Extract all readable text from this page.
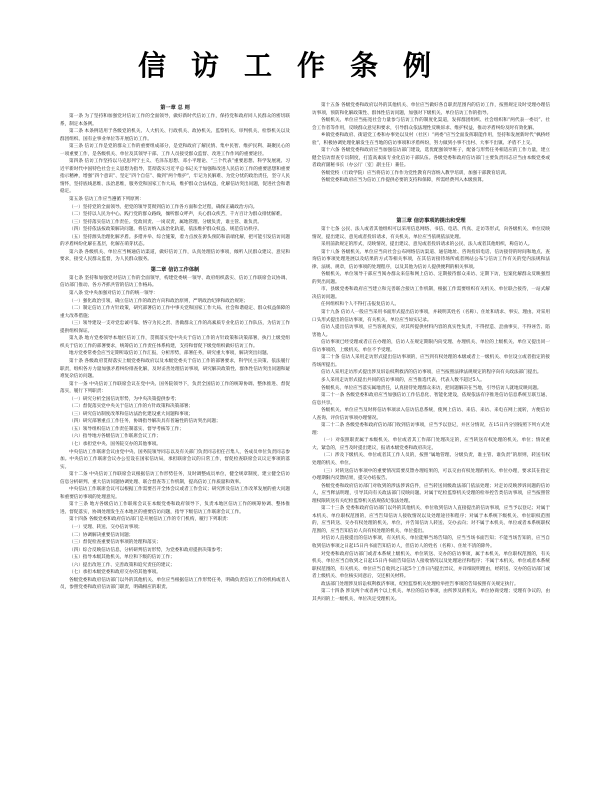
信访工作条例
第一章 总 则

第一条 为了坚持和加强党对信访工作的全面领导，做好新时代信访工作，保持党和政府同人民群众的密切联系，制定本条例。

第二条 本条例适用于各级党的机关、人大机关、行政机关、政协机关、监察机关、审判机关、检察机关以及群团组织、国有企事业单位等开展信访工作。

第三条 信访工作是党的群众工作的重要组成部分，是党和政府了解民情、集中民智、维护民利、凝聚民心的一项重要工作，是各级机关、单位及其领导干部、工作人员接受群众监督、改进工作作风的重要途径。

第四条 信访工作坚持以马克思列宁主义、毛泽东思想、邓小平理论、“三个代表”重要思想、科学发展观、习近平新时代中国特色社会主义思想为指导，贯彻落实习近平总书记关于加强和改进人民信访工作的重要思想和重要指示精神，增强“四个意识”、坚定“四个自信”、做到“两个维护”，牢记为民解难、为党分忧的政治责任，坚守人民情怀，坚持底线思维、法治思维，服务党和国家工作大局，维护群众合法权益，化解信访突出问题，促进社会和谐稳定。

第五条 信访工作应当遵循下列原则：

（一）坚持党的全面领导。把党的领导贯彻到信访工作各方面和全过程，确保正确政治方向。

（二）坚持以人民为中心。践行党的群众路线，倾听群众呼声，关心群众疾苦，千方百计为群众排忧解难。

（三）坚持落实信访工作责任。党政同责、一岗双责，属地管理、分级负责，谁主管、谁负责。

（四）坚持依法按政策解决问题。将信访纳入法治化轨道，依法维护群众权益、规范信访秩序。

（五）坚持源头治理化解矛盾。多措并举、综合施策，着力点放在源头预防和前端化解，把可能引发信访问题的矛盾纠纷化解在基层，化解在萌芽状态。

第六条 各级机关、单位应当畅通信访渠道，做好信访工作，认真处理信访事项，倾听人民群众建议、意见和要求，接受人民群众监督，为人民群众服务。

第二章 信访工作体制

第七条 坚持和加强党对信访工作的全面领导，构建党委统一领导、政府组织落实、信访工作联席会议协调、信访部门推动、各方齐抓共管的信访工作格局。

第八条 党中央加强对信访工作的统一领导：

（一）强化政治引领，确立信访工作的政治方向和政治原则，严明政治纪律和政治规矩；

（二）制定信访工作方针政策，研究部署信访工作中事关党和国家工作大局、社会和谐稳定、群众权益保障的重大改革措施；

（三）领导建设一支对党忠诚可靠、恪守为民之责、善做群众工作的高素质专业化信访工作队伍，为信访工作提供组织保证。

第九条 地方党委领导本地区信访工作，贯彻落实党中央关于信访工作的方针政策和决策部署，执行上级党组织关于信访工作的部署要求，统筹信访工作责任体系构建，支持和督促下级党组织做好信访工作。

地方党委常委会应当定期听取信访工作汇报，分析形势，部署任务，研究重大事项，解决突出问题。

第十条 各级政府贯彻落实上级党委和政府以及本级党委关于信访工作的部署要求，科学民主决策、依法履行职责，组织各方力量加强矛盾纠纷排查化解，及时妥善处理信访事项，研究解决政策性、群体性信访突出问题和疑难复杂信访问题。

第十一条 中央信访工作联席会议在党中央、国务院领导下，负责全国信访工作的统筹协调、整体推进、督促落实，履行下列职责：

（一）研究分析全国信访形势，为中央决策提供参考；

（二）督促落实党中央关于信访工作的方针政策和决策部署；

（三）研究信访制度改革和信访法治化建设重大问题和事项；

（四）研究部署重点工作任务，协调指导解决具有普遍性的信访突出问题；

（五）领导组织信访工作责任制落实、督导考核等工作；

（六）指导地方各级信访工作联席会议工作；

（七）承担党中央、国务院交办的其他事项。

中央信访工作联席会议由党中央、国务院领导同志以及有关部门负责同志担任召集人，各成员单位负责同志参加。中央信访工作联席会议办公室设在国家信访局，承担联席会议的日常工作，督促检查联席会议议定事项的落实。

第十二条 中央信访工作联席会议根据信访工作形势任务，及时调整成员单位，健全规章制度，建立健全信访信息分析研判、重大信访问题协调处理、联合督查等工作机制，提高信访工作质量和效率。

中央信访工作联席会议可以根据工作需要召开全体会议或者工作会议；研究涉及信访工作改革发展的重大问题和重要信访事项的处理意见。

第十三条 地方各级信访工作联席会议在本级党委和政府领导下，负责本地区信访工作的统筹协调、整体推进、督促落实，协调处理发生在本地区的重要信访问题，指导下级信访工作联席会议工作。

第十四条 各级党委和政府信访部门是开展信访工作的专门机构，履行下列职责：

（一）受理、转送、交办信访事项；

（二）协调解决重要信访问题；

（三）督促检查重要信访事项的处理和落实；

（四）综合反映信访信息，分析研判信访形势，为党委和政府提供决策参考；

（五）指导本级其他机关、单位和下级的信访工作；

（六）提出改进工作、完善政策和追究责任的建议；

（七）承担本级党委和政府交办的其他事项。

各级党委和政府信访部门以外的其他机关、单位应当根据信访工作形势任务，明确负责信访工作的机构或者人员，参照党委和政府信访部门职责，明确相应的职责。

第十五条 各级党委和政府以外的其他机关、单位应当做好各自职责范围内的信访工作，按照规定及时受理办理信访事项，预防和化解政策性、群体性信访问题，加强对下级机关、单位信访工作的指导。

各级机关、单位应当拓宽社会力量参与信访工作的制度化渠道，发挥群团组织、社会组织和“两代表一委员”、社会工作者等作用，反映群众意见和要求，引导群众依法理性反映诉求、维护权益，推动矛盾纠纷及时有效化解。

乡镇党委和政府、街道党工委和办事处以及村（社区）“两委”应当全面发挥职能作用，坚持和发展新时代“枫桥经验”，积极协调处理化解发生在当地的信访事项和矛盾纠纷，努力做到小事不出村、大事不出镇、矛盾不上交。

第十六条 各级党委和政府应当加强信访部门建设，选优配强领导班子，配备与形势任务相适应的工作力量，建立健全信访督查专员制度，打造高素质专业化信访干部队伍。各级党委和政府信访部门主要负责同志应当由本级党委或者政府副秘书长（办公厅〔室〕副主任）兼任。

各级党校（行政学院）应当将信访工作作为党性教育内容纳入教学培训，加强干部教育培训。

各级党委和政府应当为信访工作提供必要的支持和保障，所需经费列入本级预算。

第三章 信访事项的提出和受理

第十七条 公民、法人或者其他组织可以采用信息网络、书信、电话、传真、走访等形式，向各级机关、单位反映情况，提出建议、意见或者投诉请求，有关机关、单位应当依规依法处理。

采用前款规定的形式，反映情况，提出建议、意见或者投诉请求的公民、法人或者其他组织，称信访人。

第十八条 各级机关、单位应当向社会公布网络信访渠道、通信地址、咨询投诉电话、信访接待的时间和地点、查询信访事项处理进展以及结果的方式等相关事项，在其信访接待场所或者网站公布与信访工作有关的党内法规和法律、法规、规章，信访事项的处理程序，以及其他为信访人提供便利的相关事项。

各级机关、单位领导干部应当阅办群众来信和网上信访、定期接待群众来访、定期下访，包案化解群众反映强烈的突出问题。

市、县级党委和政府应当建立和完善联合接访工作机制，根据工作需要组织有关机关、单位联合接待，一站式解决信访问题。

任何组织和个人不得打击报复信访人。

第十九条 信访人一般应当采用书面形式提出信访事项，并载明其姓名（名称）、住址和请求、事实、理由。对采用口头形式提出的信访事项，有关机关、单位应当如实记录。

信访人提出信访事项，应当客观真实，对其所提供材料内容的真实性负责，不得捏造、歪曲事实，不得诬告、陷害他人。

信访事项已经受理或者正在办理的，信访人在规定期限内向受理、办理机关、单位的上级机关、单位又提出同一信访事项的，上级机关、单位不予受理。

第二十条 信访人采用走访形式提出信访事项的，应当到有权处理的本级或者上一级机关、单位设立或者指定的接待场所提出。

信访人采用走访形式提出涉及诉讼权利救济的信访事项，应当按照法律法规规定的程序向有关政法部门提出。

多人采用走访形式提出共同的信访事项的，应当推选代表，代表人数不超过5人。

各级机关、单位应当落实属地责任，认真接待处理群众来访，把问题解决在当地，引导信访人就地反映问题。

第二十一条 各级党委和政府应当加强信访工作信息化、智能化建设，依规依法有序推进信访信息系统互联互通、信息共享。

各级机关、单位应当及时将信访事项录入信访信息系统，使网上信访、来信、来访、来电在网上流转，方便信访人查询、评价信访事项办理情况。

第二十二条 各级党委和政府信访部门收到信访事项，应当予以登记，并区分情况，在15日内分别按照下列方式处理：

（一）对依照职责属于本级机关、单位或者其工作部门处理决定的，应当转送有权处理的机关、单位；情况重大、紧急的，应当及时提出建议，报请本级党委和政府决定。

（二）涉及下级机关、单位或者其工作人员的，按照“属地管理、分级负责，谁主管、谁负责”的原则，转送有权处理的机关、单位。

（三）对转送信访事项中的重要情况需要反馈办理结果的，可以交由有权处理的机关、单位办理，要求其在指定办理期限内反馈结果，提交办结报告。

各级党委和政府信访部门对收到的涉法涉诉信件，应当转送同级政法部门依法处理；对走访反映涉诉问题的信访人，应当释法明理，引导其向有关政法部门反映问题。对属于纪检监察机关受理的检举控告类信访事项，应当按照管理权限转送有关纪检监察机关依规依纪依法处理。

第二十三条 党委和政府信访部门以外的其他机关、单位收到信访人直接提出的信访事项，应当予以登记；对属于本机关、单位职权范围的，应当告知信访人接收情况以及处理途径和程序；对属于本系统下级机关、单位职权范围的，应当转送、交办有权处理的机关、单位，并告知信访人转送、交办去向；对不属于本机关、单位或者本系统职权范围的，应当告知信访人向有权处理的机关、单位提出。

对信访人直接提出的信访事项，有关机关、单位能够当场告知的，应当当场书面告知；不能当场告知的，应当自收到信访事项之日起15日内书面告知信访人，但信访人的姓名（名称）、住址不清的除外。

对党委和政府信访部门或者本系统上级机关、单位转送、交办的信访事项，属于本机关、单位职权范围的，有关机关、单位应当自收到之日起15日内书面告知信访人接收情况以及处理途径和程序；不属于本机关、单位或者本系统职权范围的，有关机关、单位应当自收到之日起5个工作日内提出异议，并详细说明理由，经转送、交办的信访部门或者上级机关、单位核实同意后，交还相关材料。

政法部门处理涉及诉讼权利救济事项、纪检监察机关处理检举控告事项的告知按照有关规定执行。

第二十四条 涉及两个或者两个以上机关、单位的信访事项，由所涉及的机关、单位协商受理；受理有争议的，由其共同的上一级机关、单位决定受理机关。
